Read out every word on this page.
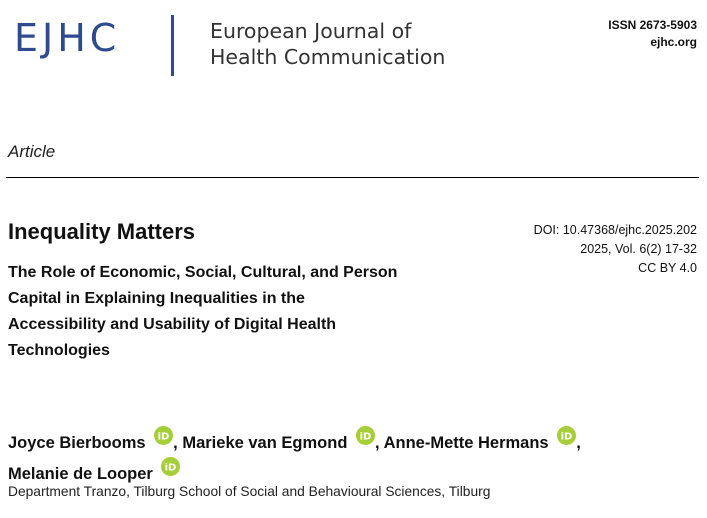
EJHC	European Journal of
Health Communication
ISSN 2673-5903
ejhc.org
Article
Inequality Matters	DOI: 10.47368/ejhc.2025.202
2025, Vol. 6(2) 17-32
CC BY 4.0
The Role of Economic, Social, Cultural, and Person Capital in Explaining Inequalities in the Accessibility and Usability of Digital Health Technologies
Joyce Bierbooms iD , Marieke van Egmond iD , Anne-Mette Hermans iD ,
Melanie de Looper iD
Department Tranzo, Tilburg School of Social and Behavioural Sciences, Tilburg
